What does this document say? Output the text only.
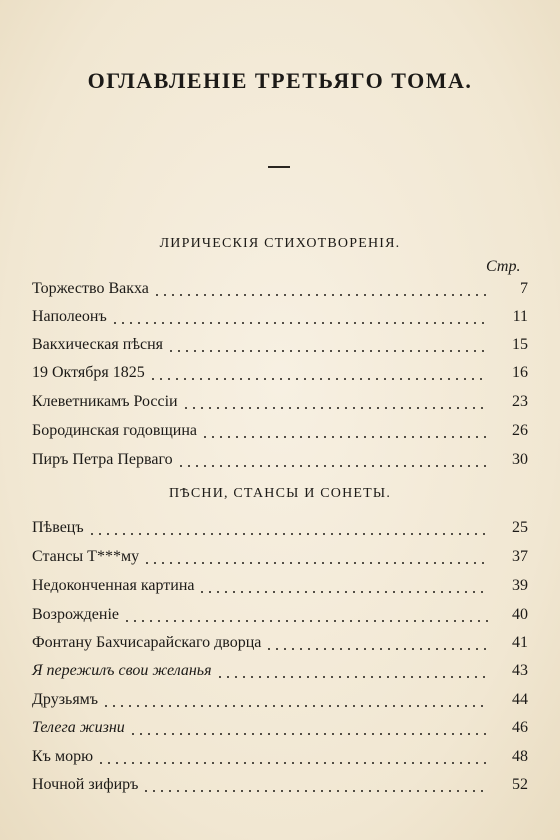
ОГЛАВЛЕНІЕ ТРЕТЬЯГО ТОМА.
ЛИРИЧЕСКІЯ СТИХОТВОРЕНІЯ.
Стр.
Торжество Вакха	7
Наполеонъ	11
Вакхическая пѣсня	15
19 Октября 1825	16
Клеветникамъ Россіи	23
Бородинская годовщина	26
Пиръ Петра Перваго	30
ПѢСНИ, СТАНСЫ И СОНЕТЫ.
Пѣвецъ	25
Стансы Т***му	37
Недоконченная картина	39
Возрожденіе	40
Фонтану Бахчисарайскаго дворца	41
Я пережилъ свои желанья	43
Друзьямъ	44
Телега жизни	46
Къ морю	48
Ночной зифиръ	52
